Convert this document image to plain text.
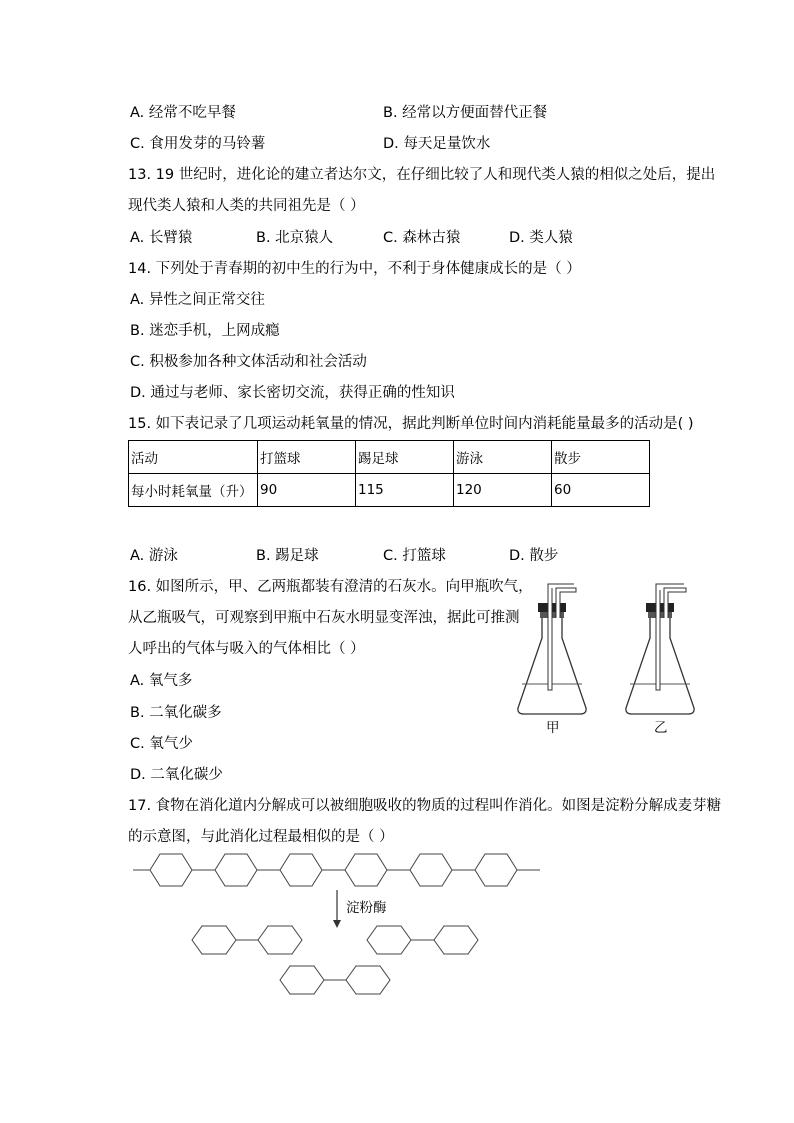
A. 经常不吃早餐	B. 经常以方便面替代正餐
C. 食用发芽的马铃薯	D. 每天足量饮水
13. 19 世纪时，进化论的建立者达尔文，在仔细比较了人和现代类人猿的相似之处后，提出
现代类人猿和人类的共同祖先是（ ）
A. 长臂猿	B. 北京猿人	C. 森林古猿	D. 类人猿
14. 下列处于青春期的初中生的行为中，不利于身体健康成长的是（ ）
A. 异性之间正常交往
B. 迷恋手机，上网成瘾
C. 积极参加各种文体活动和社会活动
D. 通过与老师、家长密切交流，获得正确的性知识
15. 如下表记录了几项运动耗氧量的情况，据此判断单位时间内消耗能量最多的活动是( )
活动	打篮球	踢足球	游泳	散步
每小时耗氧量（升）	90	115	120	60
A. 游泳	B. 踢足球	C. 打篮球	D. 散步
16. 如图所示，甲、乙两瓶都装有澄清的石灰水。向甲瓶吹气，
从乙瓶吸气，可观察到甲瓶中石灰水明显变浑浊，据此可推测
人呼出的气体与吸入的气体相比（ ）
A. 氧气多
B. 二氧化碳多
C. 氧气少
D. 二氧化碳少
甲	乙
17. 食物在消化道内分解成可以被细胞吸收的物质的过程叫作消化。如图是淀粉分解成麦芽糖
的示意图，与此消化过程最相似的是（ ）
淀粉酶
